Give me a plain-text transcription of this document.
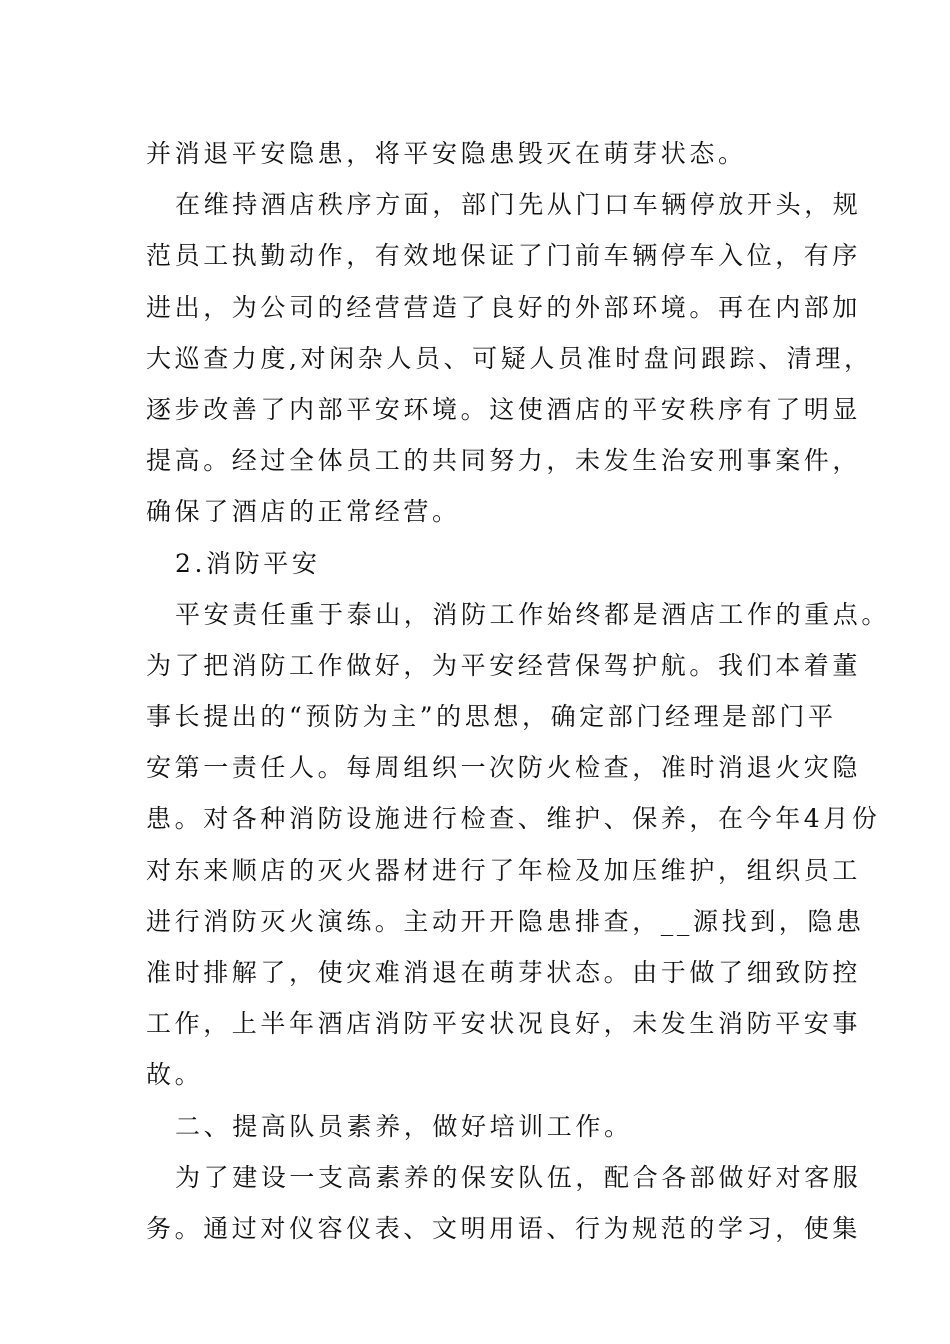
并消退平安隐患，将平安隐患毁灭在萌芽状态。
在维持酒店秩序方面，部门先从门口车辆停放开头，规
范员工执勤动作，有效地保证了门前车辆停车入位，有序
进出，为公司的经营营造了良好的外部环境。再在内部加
大巡查力度,对闲杂人员、可疑人员准时盘问跟踪、清理，
逐步改善了内部平安环境。这使酒店的平安秩序有了明显
提高。经过全体员工的共同努力，未发生治安刑事案件，
确保了酒店的正常经营。
2.消防平安
平安责任重于泰山，消防工作始终都是酒店工作的重点。
为了把消防工作做好，为平安经营保驾护航。我们本着董
事长提出的“预防为主”的思想，确定部门经理是部门平
安第一责任人。每周组织一次防火检查，准时消退火灾隐
患。对各种消防设施进行检查、维护、保养，在今年4月份
对东来顺店的灭火器材进行了年检及加压维护，组织员工
进行消防灭火演练。主动开开隐患排查，__源找到，隐患
准时排解了，使灾难消退在萌芽状态。由于做了细致防控
工作，上半年酒店消防平安状况良好，未发生消防平安事
故。
二、提高队员素养，做好培训工作。
为了建设一支高素养的保安队伍，配合各部做好对客服
务。通过对仪容仪表、文明用语、行为规范的学习，使集
